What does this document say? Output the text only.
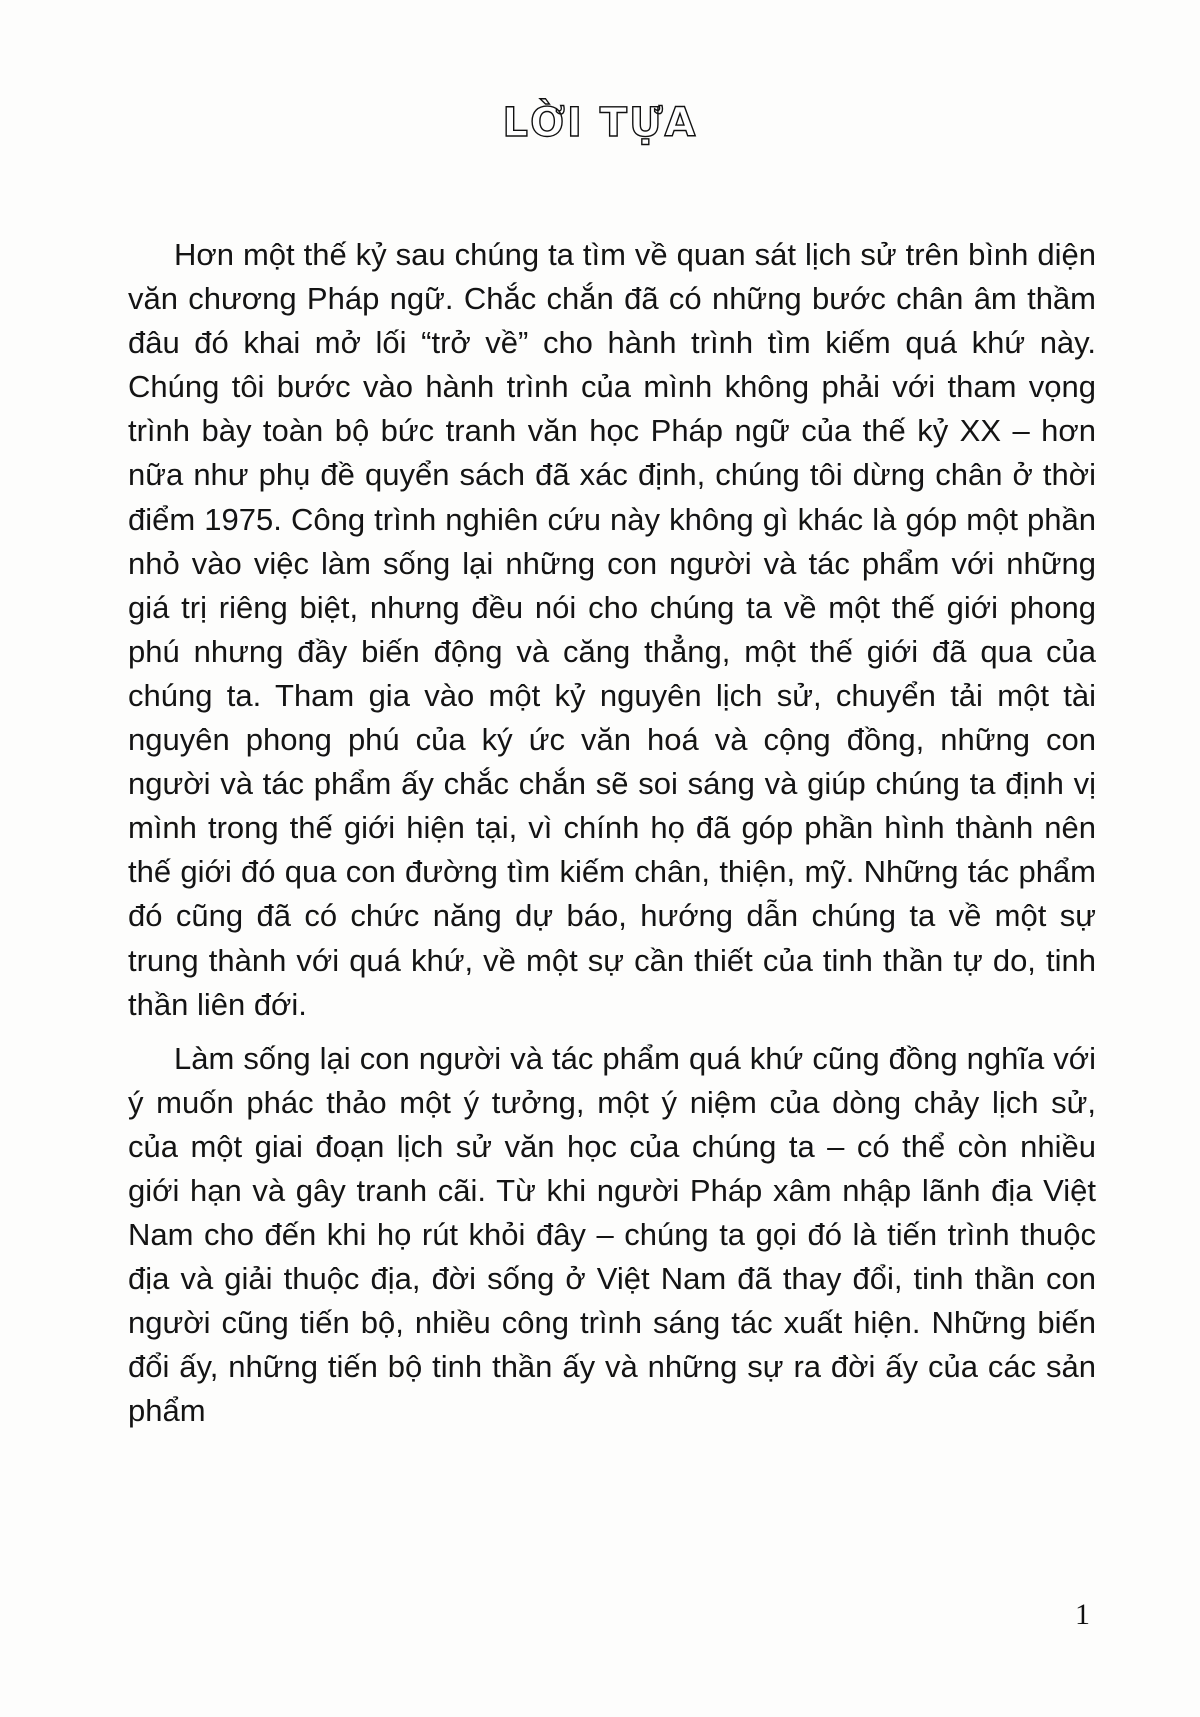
LỜI TỰA

Hơn một thế kỷ sau chúng ta tìm về quan sát lịch sử trên bình diện văn chương Pháp ngữ. Chắc chắn đã có những bước chân âm thầm đâu đó khai mở lối “trở về” cho hành trình tìm kiếm quá khứ này. Chúng tôi bước vào hành trình của mình không phải với tham vọng trình bày toàn bộ bức tranh văn học Pháp ngữ của thế kỷ XX – hơn nữa như phụ đề quyển sách đã xác định, chúng tôi dừng chân ở thời điểm 1975. Công trình nghiên cứu này không gì khác là góp một phần nhỏ vào việc làm sống lại những con người và tác phẩm với những giá trị riêng biệt, nhưng đều nói cho chúng ta về một thế giới phong phú nhưng đầy biến động và căng thẳng, một thế giới đã qua của chúng ta. Tham gia vào một kỷ nguyên lịch sử, chuyển tải một tài nguyên phong phú của ký ức văn hoá và cộng đồng, những con người và tác phẩm ấy chắc chắn sẽ soi sáng và giúp chúng ta định vị mình trong thế giới hiện tại, vì chính họ đã góp phần hình thành nên thế giới đó qua con đường tìm kiếm chân, thiện, mỹ. Những tác phẩm đó cũng đã có chức năng dự báo, hướng dẫn chúng ta về một sự trung thành với quá khứ, về một sự cần thiết của tinh thần tự do, tinh thần liên đới.

Làm sống lại con người và tác phẩm quá khứ cũng đồng nghĩa với ý muốn phác thảo một ý tưởng, một ý niệm của dòng chảy lịch sử, của một giai đoạn lịch sử văn học của chúng ta – có thể còn nhiều giới hạn và gây tranh cãi. Từ khi người Pháp xâm nhập lãnh địa Việt Nam cho đến khi họ rút khỏi đây – chúng ta gọi đó là tiến trình thuộc địa và giải thuộc địa, đời sống ở Việt Nam đã thay đổi, tinh thần con người cũng tiến bộ, nhiều công trình sáng tác xuất hiện. Những biến đổi ấy, những tiến bộ tinh thần ấy và những sự ra đời ấy của các sản phẩm

1
